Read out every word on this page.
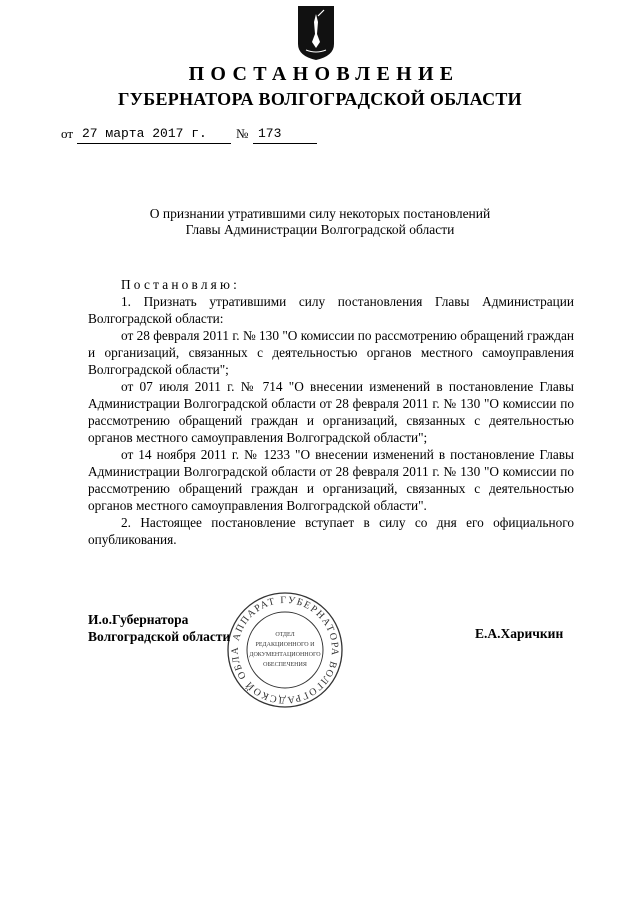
ПОСТАНОВЛЕНИЕ
ГУБЕРНАТОРА ВОЛГОГРАДСКОЙ ОБЛАСТИ
от 27 марта 2017 г.	№ 173
О признании утратившими силу некоторых постановлений
Главы Администрации Волгоградской области

Постановляю:

1. Признать утратившими силу постановления Главы Администрации Волгоградской области:

от 28 февраля 2011 г. № 130 "О комиссии по рассмотрению обращений граждан и организаций, связанных с деятельностью органов местного самоуправления Волгоградской области";

от 07 июля 2011 г. № 714 "О внесении изменений в постановление Главы Администрации Волгоградской области от 28 февраля 2011 г. № 130 "О комиссии по рассмотрению обращений граждан и организаций, связанных с деятельностью органов местного самоуправления Волгоградской области";

от 14 ноября 2011 г. № 1233 "О внесении изменений в постановление Главы Администрации Волгоградской области от 28 февраля 2011 г. № 130 "О комиссии по рассмотрению обращений граждан и организаций, связанных с деятельностью органов местного самоуправления Волгоградской области".

2. Настоящее постановление вступает в силу со дня его официального опубликования.

АППАРАТ ГУБЕРНАТОРА ВОЛГОГРАДСКОЙ ОБЛА
ОТДЕЛ
РЕДАКЦИОННОГО И
ДОКУМЕНТАЦИОННОГО
ОБЕСПЕЧЕНИЯ
И.о.Губернатора
Волгоградской области	Е.А.Харичкин
